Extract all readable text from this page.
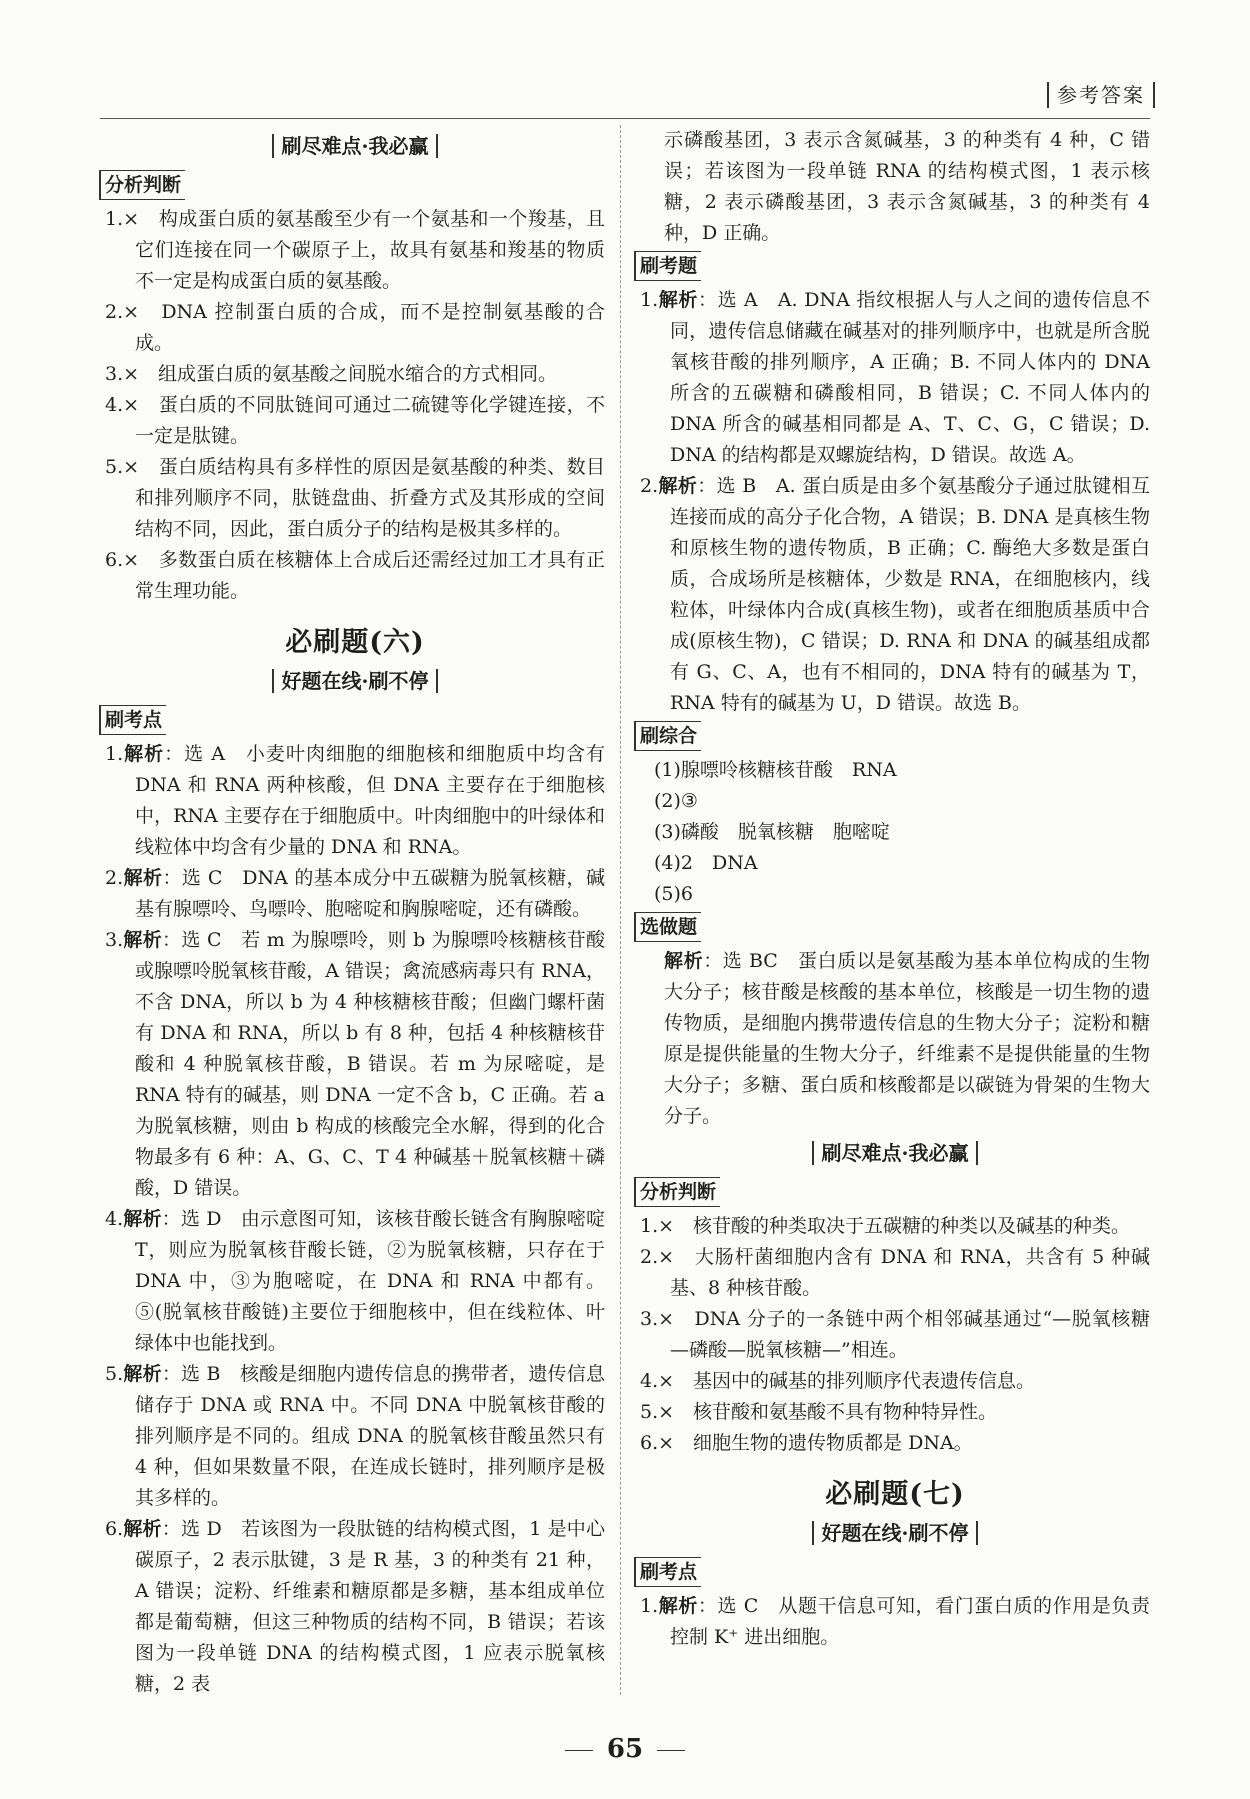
参考答案
刷尽难点·我必赢
分析判断

1.×　构成蛋白质的氨基酸至少有一个氨基和一个羧基，且它们连接在同一个碳原子上，故具有氨基和羧基的物质不一定是构成蛋白质的氨基酸。

2.×　DNA 控制蛋白质的合成，而不是控制氨基酸的合成。

3.×　组成蛋白质的氨基酸之间脱水缩合的方式相同。

4.×　蛋白质的不同肽链间可通过二硫键等化学键连接，不一定是肽键。

5.×　蛋白质结构具有多样性的原因是氨基酸的种类、数目和排列顺序不同，肽链盘曲、折叠方式及其形成的空间结构不同，因此，蛋白质分子的结构是极其多样的。

6.×　多数蛋白质在核糖体上合成后还需经过加工才具有正常生理功能。

必刷题(六)
好题在线·刷不停
刷考点

1.解析：选 A　小麦叶肉细胞的细胞核和细胞质中均含有 DNA 和 RNA 两种核酸，但 DNA 主要存在于细胞核中，RNA 主要存在于细胞质中。叶肉细胞中的叶绿体和线粒体中均含有少量的 DNA 和 RNA。

2.解析：选 C　DNA 的基本成分中五碳糖为脱氧核糖，碱基有腺嘌呤、鸟嘌呤、胞嘧啶和胸腺嘧啶，还有磷酸。

3.解析：选 C　若 m 为腺嘌呤，则 b 为腺嘌呤核糖核苷酸或腺嘌呤脱氧核苷酸，A 错误；禽流感病毒只有 RNA，不含 DNA，所以 b 为 4 种核糖核苷酸；但幽门螺杆菌有 DNA 和 RNA，所以 b 有 8 种，包括 4 种核糖核苷酸和 4 种脱氧核苷酸，B 错误。若 m 为尿嘧啶，是 RNA 特有的碱基，则 DNA 一定不含 b，C 正确。若 a 为脱氧核糖，则由 b 构成的核酸完全水解，得到的化合物最多有 6 种：A、G、C、T 4 种碱基＋脱氧核糖＋磷酸，D 错误。

4.解析：选 D　由示意图可知，该核苷酸长链含有胸腺嘧啶 T，则应为脱氧核苷酸长链，②为脱氧核糖，只存在于 DNA 中，③为胞嘧啶，在 DNA 和 RNA 中都有。⑤(脱氧核苷酸链)主要位于细胞核中，但在线粒体、叶绿体中也能找到。

5.解析：选 B　核酸是细胞内遗传信息的携带者，遗传信息储存于 DNA 或 RNA 中。不同 DNA 中脱氧核苷酸的排列顺序是不同的。组成 DNA 的脱氧核苷酸虽然只有 4 种，但如果数量不限，在连成长链时，排列顺序是极其多样的。

6.解析：选 D　若该图为一段肽链的结构模式图，1 是中心碳原子，2 表示肽键，3 是 R 基，3 的种类有 21 种，A 错误；淀粉、纤维素和糖原都是多糖，基本组成单位都是葡萄糖，但这三种物质的结构不同，B 错误；若该图为一段单链 DNA 的结构模式图，1 应表示脱氧核糖，2 表

示磷酸基团，3 表示含氮碱基，3 的种类有 4 种，C 错误；若该图为一段单链 RNA 的结构模式图，1 表示核糖，2 表示磷酸基团，3 表示含氮碱基，3 的种类有 4 种，D 正确。

刷考题

1.解析：选 A　A. DNA 指纹根据人与人之间的遗传信息不同，遗传信息储藏在碱基对的排列顺序中，也就是所含脱氧核苷酸的排列顺序，A 正确；B. 不同人体内的 DNA 所含的五碳糖和磷酸相同，B 错误；C. 不同人体内的 DNA 所含的碱基相同都是 A、T、C、G，C 错误；D. DNA 的结构都是双螺旋结构，D 错误。故选 A。

2.解析：选 B　A. 蛋白质是由多个氨基酸分子通过肽键相互连接而成的高分子化合物，A 错误；B. DNA 是真核生物和原核生物的遗传物质，B 正确；C. 酶绝大多数是蛋白质，合成场所是核糖体，少数是 RNA，在细胞核内，线粒体，叶绿体内合成(真核生物)，或者在细胞质基质中合成(原核生物)，C 错误；D. RNA 和 DNA 的碱基组成都有 G、C、A，也有不相同的，DNA 特有的碱基为 T，RNA 特有的碱基为 U，D 错误。故选 B。

刷综合

(1)腺嘌呤核糖核苷酸　RNA

(2)③

(3)磷酸　脱氧核糖　胞嘧啶

(4)2　DNA

(5)6

选做题

解析：选 BC　蛋白质以是氨基酸为基本单位构成的生物大分子；核苷酸是核酸的基本单位，核酸是一切生物的遗传物质，是细胞内携带遗传信息的生物大分子；淀粉和糖原是提供能量的生物大分子，纤维素不是提供能量的生物大分子；多糖、蛋白质和核酸都是以碳链为骨架的生物大分子。

刷尽难点·我必赢
分析判断

1.×　核苷酸的种类取决于五碳糖的种类以及碱基的种类。

2.×　大肠杆菌细胞内含有 DNA 和 RNA，共含有 5 种碱基、8 种核苷酸。

3.×　DNA 分子的一条链中两个相邻碱基通过“—脱氧核糖—磷酸—脱氧核糖—”相连。

4.×　基因中的碱基的排列顺序代表遗传信息。

5.×　核苷酸和氨基酸不具有物种特异性。

6.×　细胞生物的遗传物质都是 DNA。

必刷题(七)
好题在线·刷不停
刷考点

1.解析：选 C　从题干信息可知，看门蛋白质的作用是负责控制 K⁺ 进出细胞。

65
